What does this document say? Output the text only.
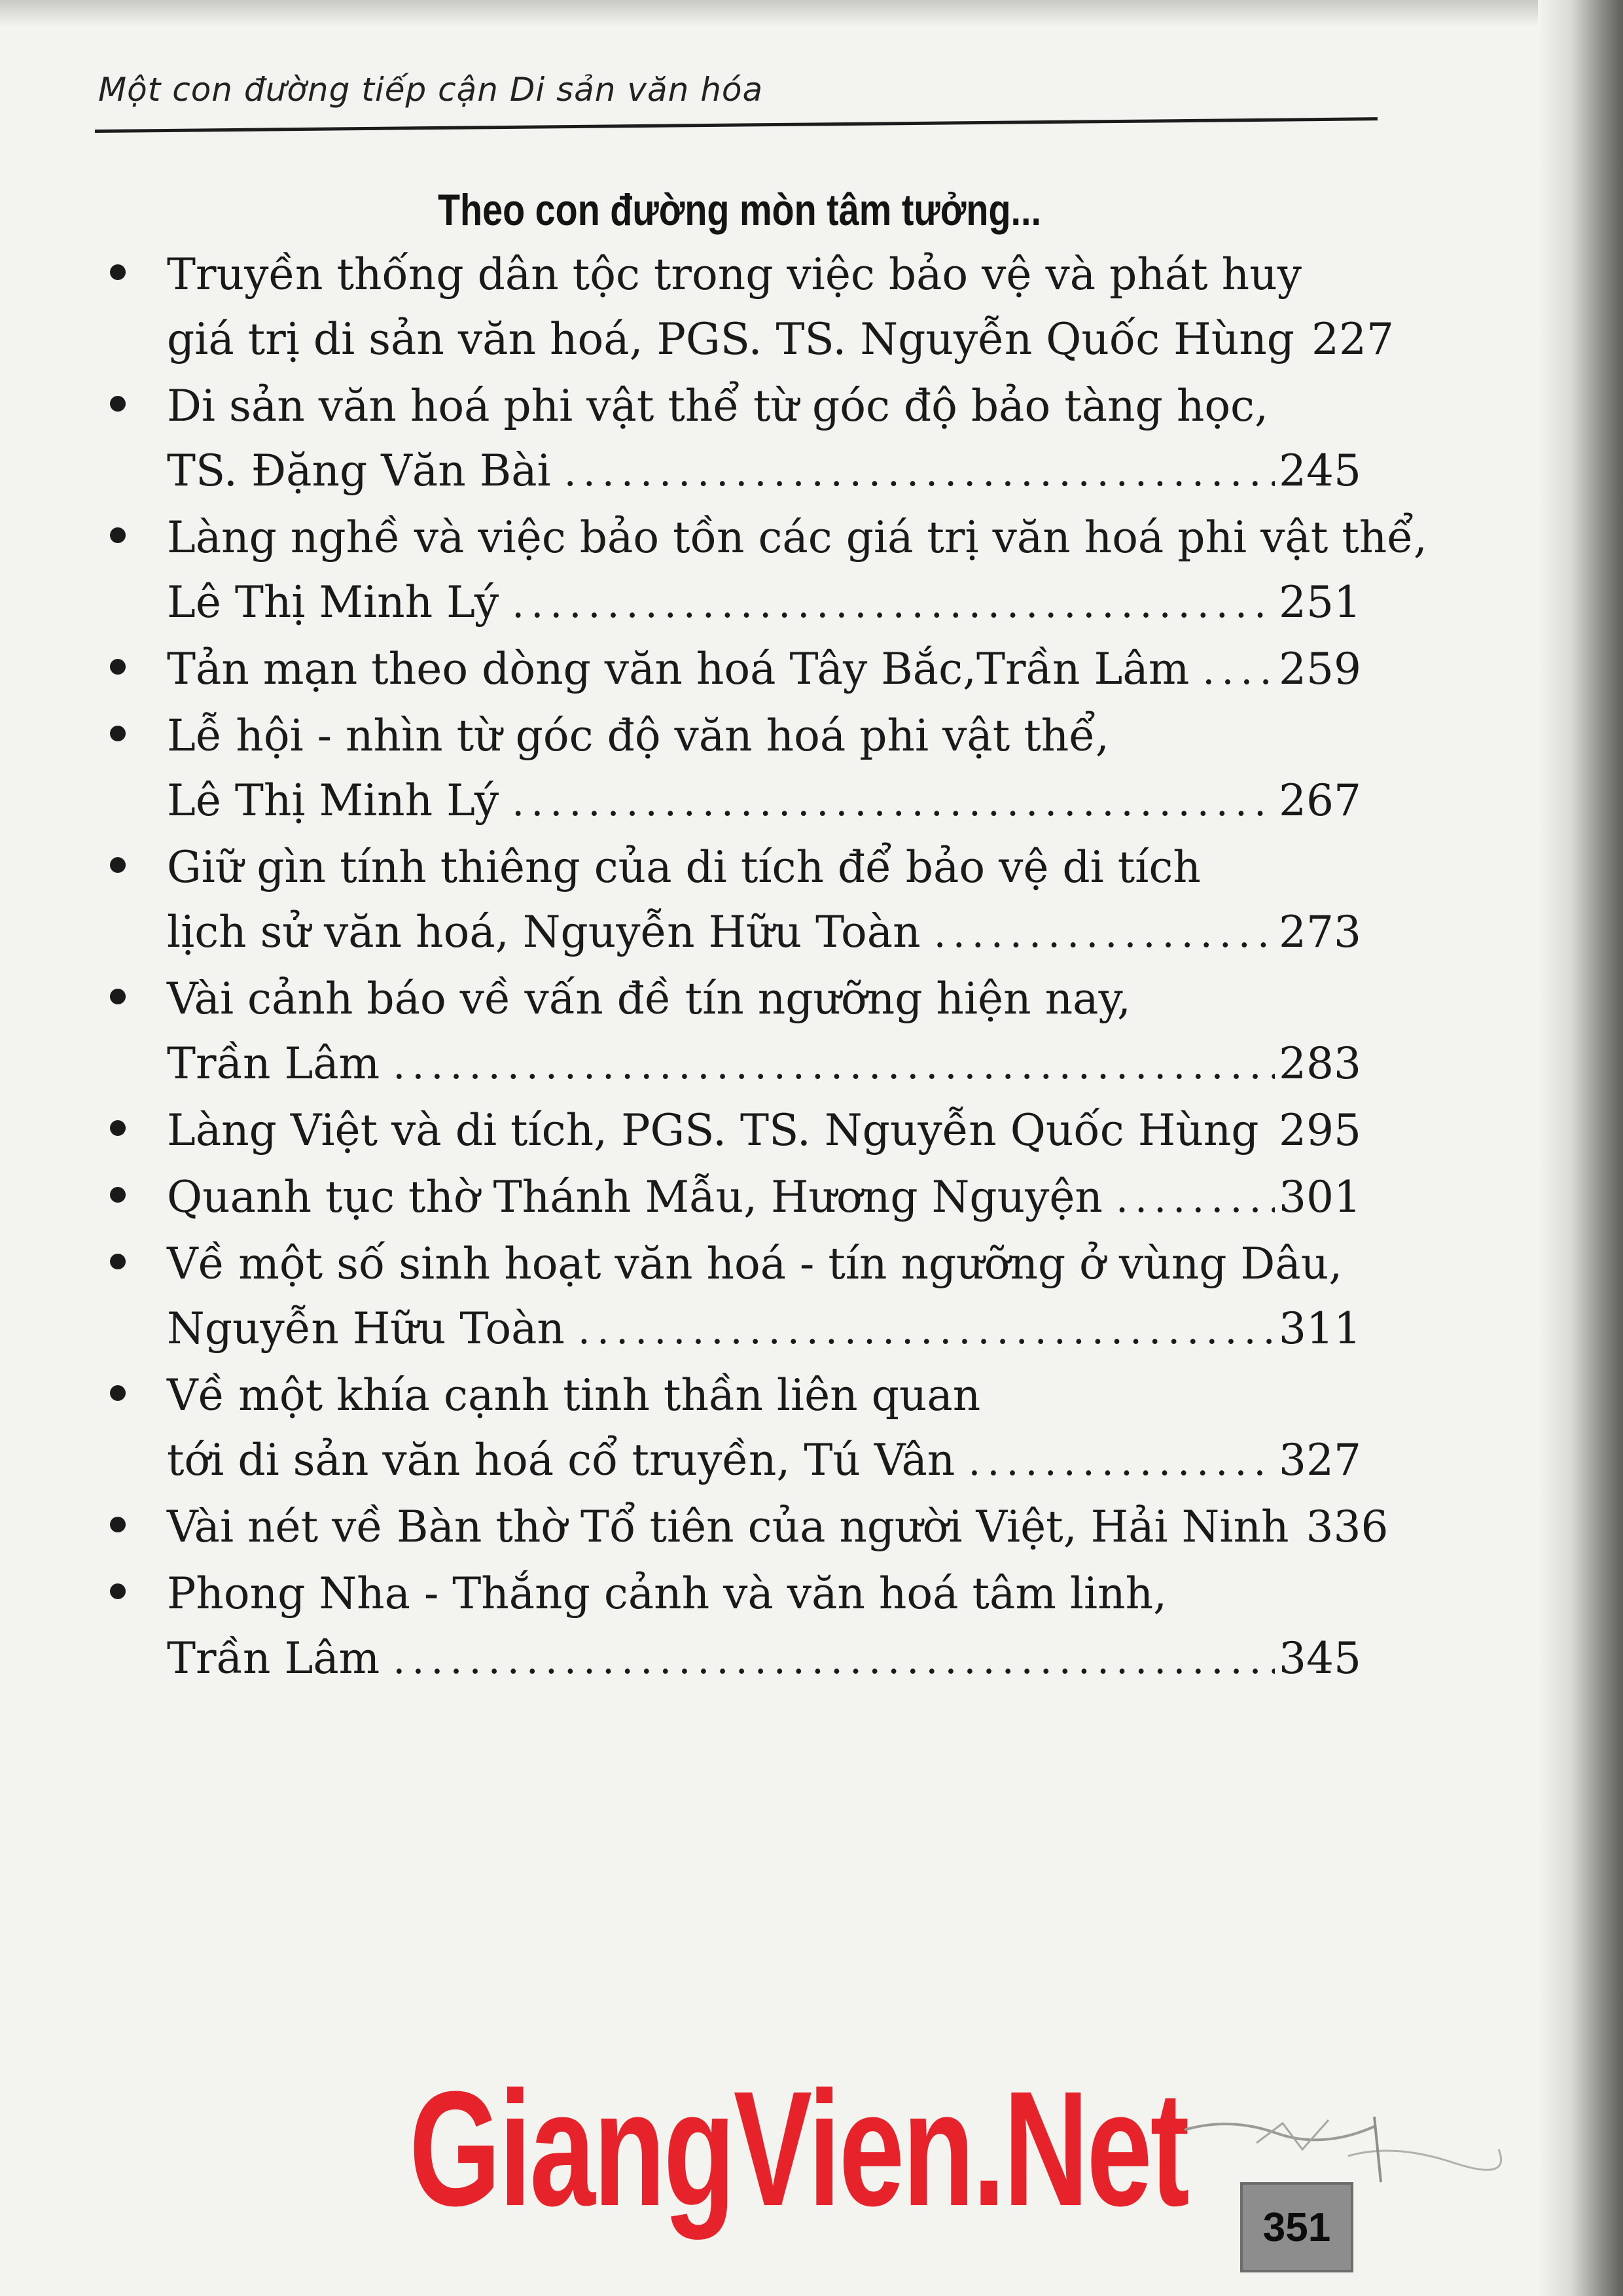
Một con đường tiếp cận Di sản văn hóa
Theo con đường mòn tâm tưởng...
Truyền thống dân tộc trong việc bảo vệ và phát huy
giá trị di sản văn hoá, PGS. TS. Nguyễn Quốc Hùng 227
Di sản văn hoá phi vật thể từ góc độ bảo tàng học,
TS. Đặng Văn Bài .....	245
Làng nghề và việc bảo tồn các giá trị văn hoá phi vật thể,
Lê Thị Minh Lý .....	251
Tản mạn theo dòng văn hoá Tây Bắc,Trần Lâm ..... 259
Lễ hội - nhìn từ góc độ văn hoá phi vật thể,
Lê Thị Minh Lý .....	267
Giữ gìn tính thiêng của di tích để bảo vệ di tích
lịch sử văn hoá, Nguyễn Hữu Toàn .....	273
Vài cảnh báo về vấn đề tín ngưỡng hiện nay,
Trần Lâm .....	283
Làng Việt và di tích, PGS. TS. Nguyễn Quốc Hùng ..... 295
Quanh tục thờ Thánh Mẫu, Hương Nguyện .....	301
Về một số sinh hoạt văn hoá - tín ngưỡng ở vùng Dâu,
Nguyễn Hữu Toàn .....	311
Về một khía cạnh tinh thần liên quan
tới di sản văn hoá cổ truyền, Tú Vân .....	327
Vài nét về Bàn thờ Tổ tiên của người Việt, Hải Ninh 336
Phong Nha - Thắng cảnh và văn hoá tâm linh,
Trần Lâm .....	345
GiangVien.Net	351
